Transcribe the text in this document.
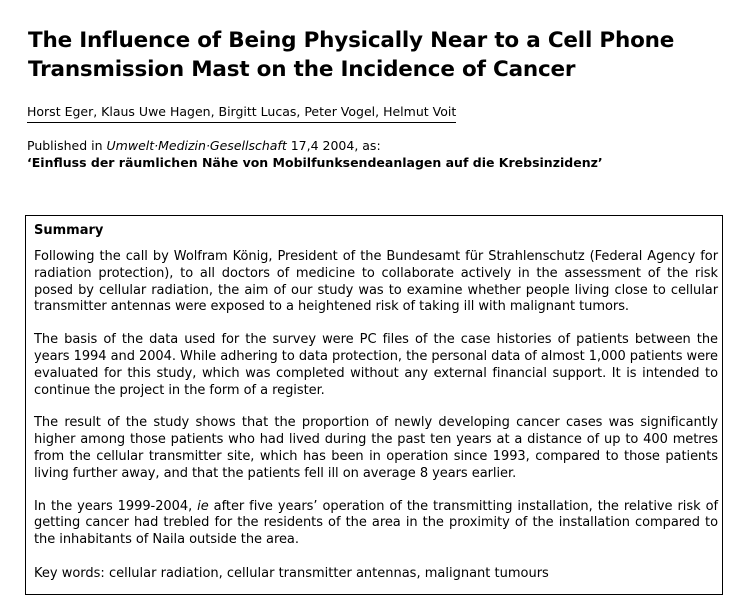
The Influence of Being Physically Near to a Cell Phone
Transmission Mast on the Incidence of Cancer
Horst Eger, Klaus Uwe Hagen, Birgitt Lucas, Peter Vogel, Helmut Voit
Published in Umwelt·Medizin·Gesellschaft 17,4 2004, as:
‘Einfluss der räumlichen Nähe von Mobilfunksendeanlagen auf die Krebsinzidenz’
Summary

Following the call by Wolfram König, President of the Bundesamt für Strahlenschutz (Federal Agency for radiation protection), to all doctors of medicine to collaborate actively in the assessment of the risk posed by cellular radiation, the aim of our study was to examine whether people living close to cellular transmitter antennas were exposed to a heightened risk of taking ill with malignant tumors.

The basis of the data used for the survey were PC files of the case histories of patients between the years 1994 and 2004. While adhering to data protection, the personal data of almost 1,000 patients were evaluated for this study, which was completed without any external financial support. It is intended to continue the project in the form of a register.

The result of the study shows that the proportion of newly developing cancer cases was significantly higher among those patients who had lived during the past ten years at a distance of up to 400 metres from the cellular transmitter site, which has been in operation since 1993, compared to those patients living further away, and that the patients fell ill on average 8 years earlier.

In the years 1999-2004, ie after five years’ operation of the transmitting installation, the relative risk of getting cancer had trebled for the residents of the area in the proximity of the installation compared to the inhabitants of Naila outside the area.

Key words: cellular radiation, cellular transmitter antennas, malignant tumours
